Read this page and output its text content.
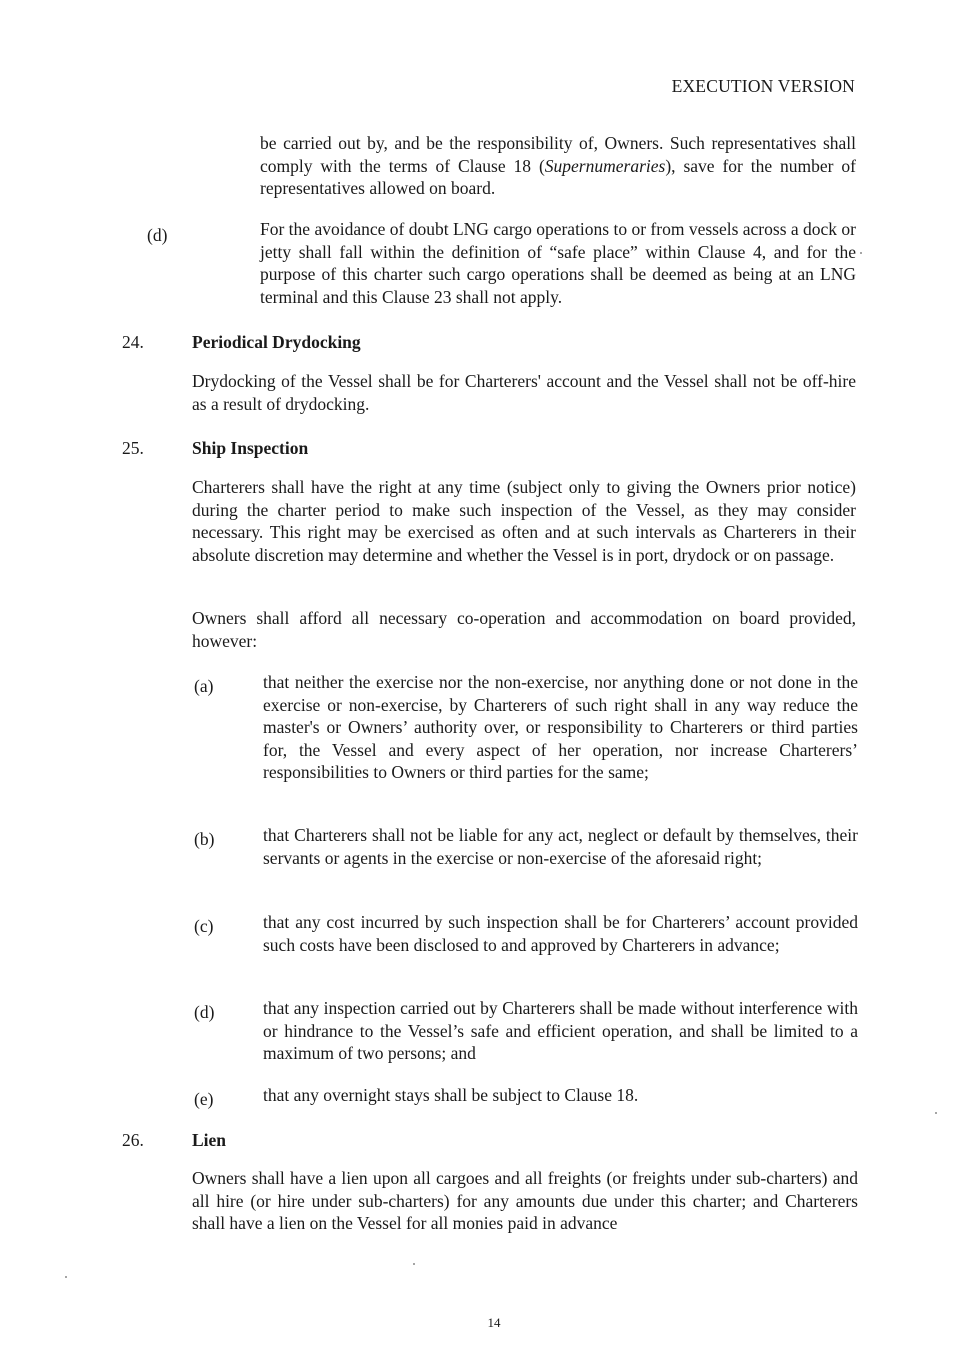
EXECUTION VERSION

be carried out by, and be the responsibility of, Owners. Such representatives shall comply with the terms of Clause 18 (Supernumeraries), save for the number of representatives allowed on board.

(d)	For the avoidance of doubt LNG cargo operations to or from vessels across a dock or jetty shall fall within the definition of “safe place” within Clause 4, and for the purpose of this charter such cargo operations shall be deemed as being at an LNG terminal and this Clause 23 shall not apply.

24.	Periodical Drydocking

Drydocking of the Vessel shall be for Charterers' account and the Vessel shall not be off-hire as a result of drydocking.

25.	Ship Inspection

Charterers shall have the right at any time (subject only to giving the Owners prior notice) during the charter period to make such inspection of the Vessel, as they may consider necessary. This right may be exercised as often and at such intervals as Charterers in their absolute discretion may determine and whether the Vessel is in port, drydock or on passage.

Owners shall afford all necessary co-operation and accommodation on board provided, however:

(a)	that neither the exercise nor the non-exercise, nor anything done or not done in the exercise or non-exercise, by Charterers of such right shall in any way reduce the master's or Owners’ authority over, or responsibility to Charterers or third parties for, the Vessel and every aspect of her operation, nor increase Charterers’ responsibilities to Owners or third parties for the same;

(b)	that Charterers shall not be liable for any act, neglect or default by themselves, their servants or agents in the exercise or non-exercise of the aforesaid right;

(c)	that any cost incurred by such inspection shall be for Charterers’ account provided such costs have been disclosed to and approved by Charterers in advance;

(d)	that any inspection carried out by Charterers shall be made without interference with or hindrance to the Vessel’s safe and efficient operation, and shall be limited to a maximum of two persons; and

(e)	that any overnight stays shall be subject to Clause 18.

26.	Lien

Owners shall have a lien upon all cargoes and all freights (or freights under sub-charters) and all hire (or hire under sub-charters) for any amounts due under this charter; and Charterers shall have a lien on the Vessel for all monies paid in advance

14
